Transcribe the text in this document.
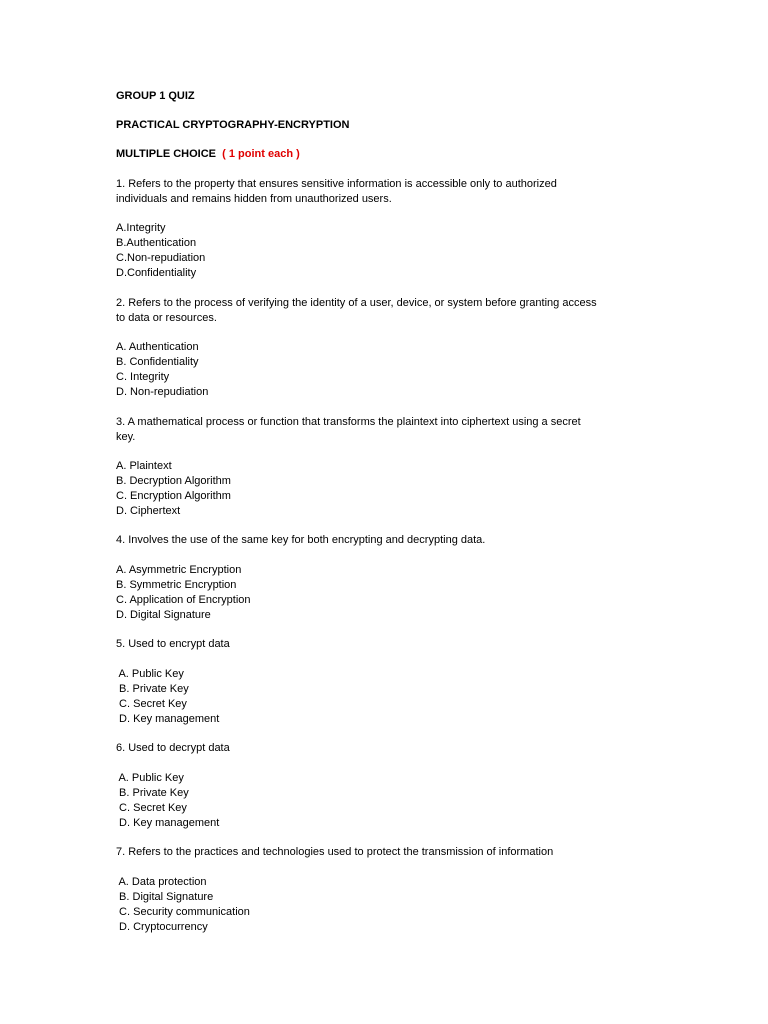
GROUP 1 QUIZ
PRACTICAL CRYPTOGRAPHY-ENCRYPTION
MULTIPLE CHOICE ( 1 point each )
1. Refers to the property that ensures sensitive information is accessible only to authorized
individuals and remains hidden from unauthorized users.
A.Integrity
B.Authentication
C.Non-repudiation
D.Confidentiality
2. Refers to the process of verifying the identity of a user, device, or system before granting access
to data or resources.
A. Authentication
B. Confidentiality
C. Integrity
D. Non-repudiation
3. A mathematical process or function that transforms the plaintext into ciphertext using a secret
key.
A. Plaintext
B. Decryption Algorithm
C. Encryption Algorithm
D. Ciphertext
4. Involves the use of the same key for both encrypting and decrypting data.
A. Asymmetric Encryption
B. Symmetric Encryption
C. Application of Encryption
D. Digital Signature
5. Used to encrypt data
A. Public Key
B. Private Key
C. Secret Key
D. Key management
6. Used to decrypt data
A. Public Key
B. Private Key
C. Secret Key
D. Key management
7. Refers to the practices and technologies used to protect the transmission of information
A. Data protection
B. Digital Signature
C. Security communication
D. Cryptocurrency
